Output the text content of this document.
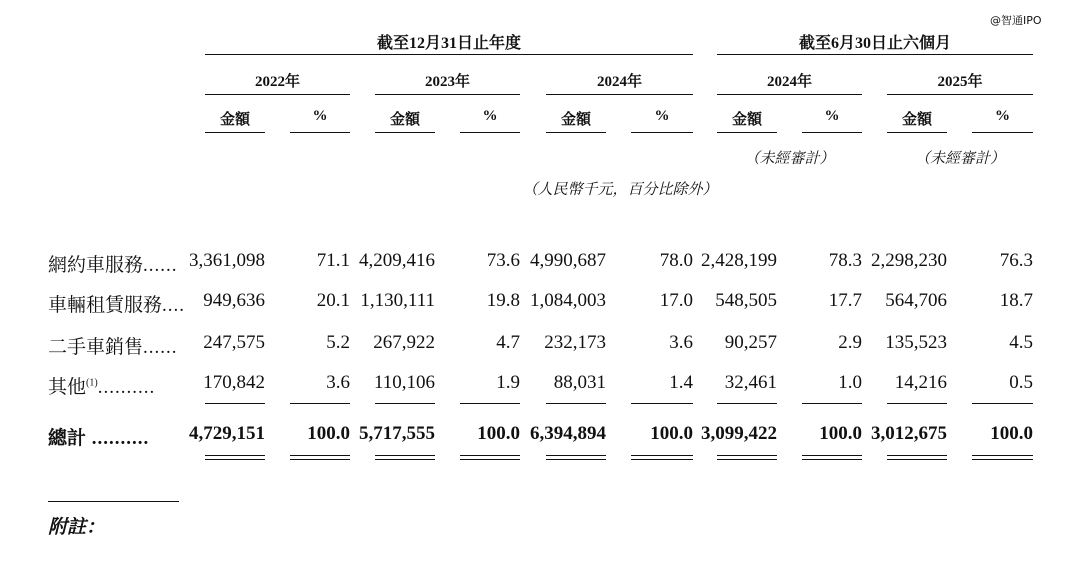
@智通IPO
截至12月31日止年度	截至6月30日止六個月
2022年	2023年	2024年	2024年	2025年
金額	%	金額	%	金額	%	金額	%	金額	%
（未經審計）	（未經審計）
（人民幣千元，百分比除外）
網約車服務...... 3,361,098	71.1 4,209,416	73.6 4,990,687	78.0 2,428,199	78.3 2,298,230	76.3
車輛租賃服務.... 949,636	20.1 1,130,111	19.8 1,084,003	17.0	548,505	17.7	564,706	18.7
二手車銷售......	247,575	5.2	267,922	4.7	232,173	3.6	90,257	2.9	135,523	4.5
其他$^{(1)}$..........	170,842	3.6	110,106	1.9	88,031	1.4	32,461	1.0	14,216	0.5
總計 ..........	4,729,151	100.0 5,717,555	100.0 6,394,894	100.0 3,099,422	100.0 3,012,675	100.0
附註：
